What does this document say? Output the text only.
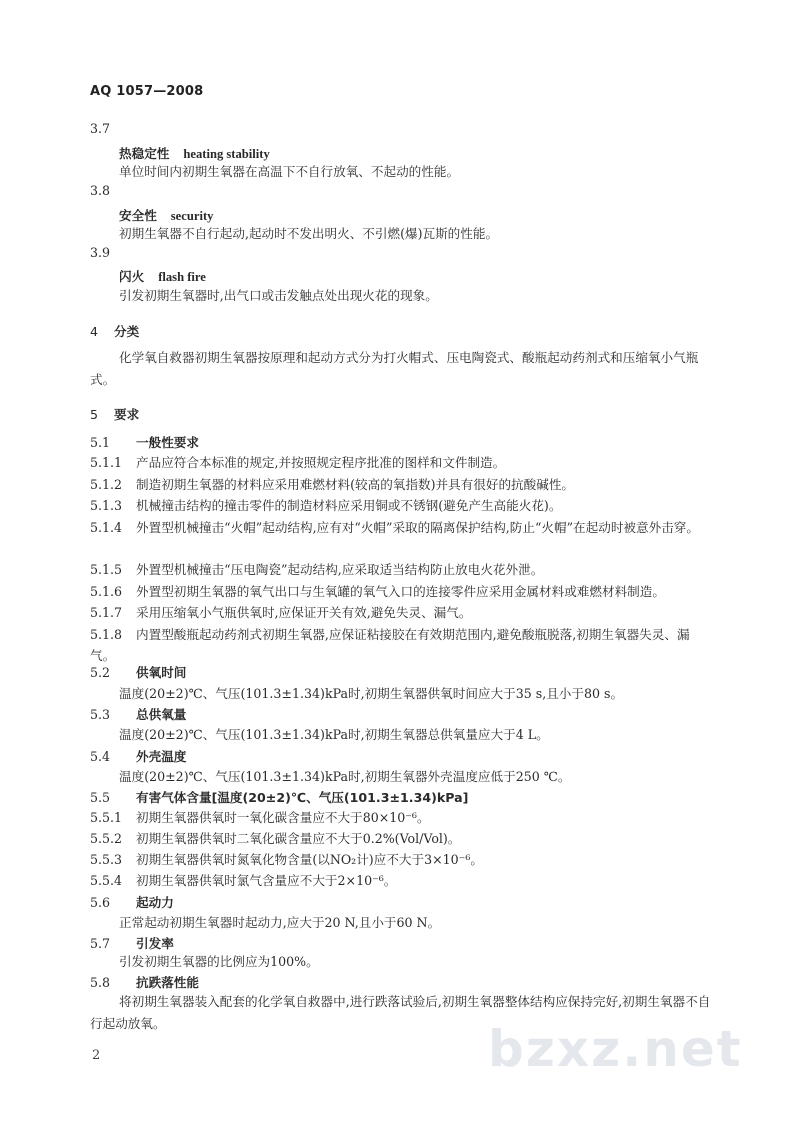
AQ 1057—2008
3.7
热稳定性 heating stability
单位时间内初期生氧器在高温下不自行放氧、不起动的性能。
3.8
安全性 security
初期生氧器不自行起动,起动时不发出明火、不引燃(爆)瓦斯的性能。
3.9
闪火 flash fire
引发初期生氧器时,出气口或击发触点处出现火花的现象。
4 分类
化学氧自救器初期生氧器按原理和起动方式分为打火帽式、压电陶瓷式、酸瓶起动药剂式和压缩氧小气瓶式。
5 要求
5.1 一般性要求
5.1.1 产品应符合本标准的规定,并按照规定程序批准的图样和文件制造。
5.1.2 制造初期生氧器的材料应采用难燃材料(较高的氧指数)并具有很好的抗酸碱性。
5.1.3 机械撞击结构的撞击零件的制造材料应采用铜或不锈钢(避免产生高能火花)。
5.1.4 外置型机械撞击“火帽”起动结构,应有对“火帽”采取的隔离保护结构,防止“火帽”在起动时被意外击穿。
5.1.5 外置型机械撞击“压电陶瓷”起动结构,应采取适当结构防止放电火花外泄。
5.1.6 外置型初期生氧器的氧气出口与生氧罐的氧气入口的连接零件应采用金属材料或难燃材料制造。
5.1.7 采用压缩氧小气瓶供氧时,应保证开关有效,避免失灵、漏气。
5.1.8 内置型酸瓶起动药剂式初期生氧器,应保证粘接胶在有效期范围内,避免酸瓶脱落,初期生氧器失灵、漏气。
5.2 供氧时间
温度(20±2)℃、气压(101.3±1.34)kPa时,初期生氧器供氧时间应大于35 s,且小于80 s。
5.3 总供氧量
温度(20±2)℃、气压(101.3±1.34)kPa时,初期生氧器总供氧量应大于4 L。
5.4 外壳温度
温度(20±2)℃、气压(101.3±1.34)kPa时,初期生氧器外壳温度应低于250 ℃。
5.5 有害气体含量[温度(20±2)℃、气压(101.3±1.34)kPa]
5.5.1 初期生氧器供氧时一氧化碳含量应不大于80×10⁻⁶。
5.5.2 初期生氧器供氧时二氧化碳含量应不大于0.2%(Vol/Vol)。
5.5.3 初期生氧器供氧时氮氧化物含量(以NO₂计)应不大于3×10⁻⁶。
5.5.4 初期生氧器供氧时氯气含量应不大于2×10⁻⁶。
5.6 起动力
正常起动初期生氧器时起动力,应大于20 N,且小于60 N。
5.7 引发率
引发初期生氧器的比例应为100%。
5.8 抗跌落性能
将初期生氧器装入配套的化学氧自救器中,进行跌落试验后,初期生氧器整体结构应保持完好,初期生氧器不自行起动放氧。	bzxz.net
2
